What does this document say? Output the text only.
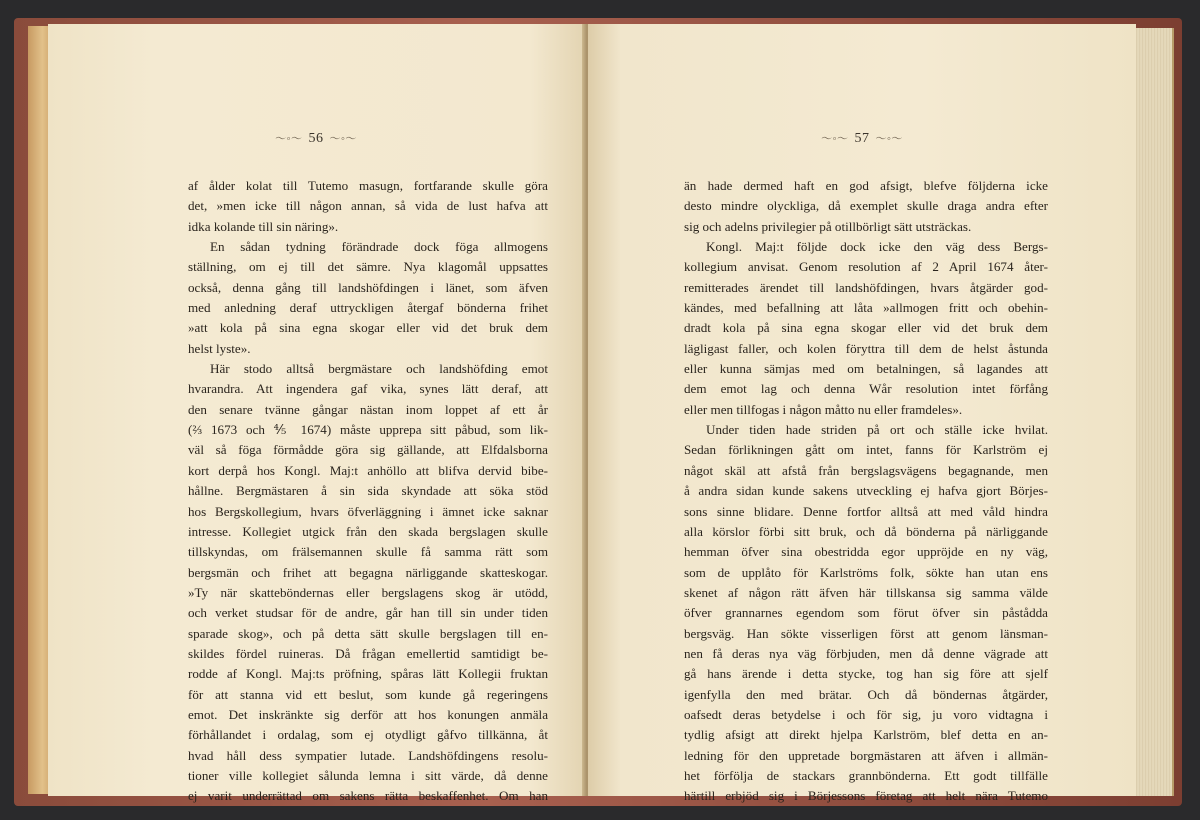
〜◦〜 56 〜◦〜
af ålder kolat till Tutemo masugn, fortfarande skulle göra
det, »men icke till någon annan, så vida de lust hafva att
idka kolande till sin näring».
En sådan tydning förändrade dock föga allmogens
ställning, om ej till det sämre. Nya klagomål uppsattes
också, denna gång till landshöfdingen i länet, som äfven
med anledning deraf uttryckligen återgaf bönderna frihet
»att kola på sina egna skogar eller vid det bruk dem
helst lyste».
Här stodo alltså bergmästare och landshöfding emot
hvarandra. Att ingendera gaf vika, synes lätt deraf, att
den senare tvänne gångar nästan inom loppet af ett år
(⅔ 1673 och ⅘ 1674) måste upprepa sitt påbud, som lik-
väl så föga förmådde göra sig gällande, att Elfdalsborna
kort derpå hos Kongl. Maj:t anhöllo att blifva dervid bibe-
hållne. Bergmästaren å sin sida skyndade att söka stöd
hos Bergskollegium, hvars öfverläggning i ämnet icke saknar
intresse. Kollegiet utgick från den skada bergslagen skulle
tillskyndas, om frälsemannen skulle få samma rätt som
bergsmän och frihet att begagna närliggande skatteskogar.
»Ty när skatteböndernas eller bergslagens skog är utödd,
och verket studsar för de andre, går han till sin under tiden
sparade skog», och på detta sätt skulle bergslagen till en-
skildes fördel ruineras. Då frågan emellertid samtidigt be-
rodde af Kongl. Maj:ts pröfning, spåras lätt Kollegii fruktan
för att stanna vid ett beslut, som kunde gå regeringens
emot. Det inskränkte sig derför att hos konungen anmäla
förhållandet i ordalag, som ej otydligt gåfvo tillkänna, åt
hvad håll dess sympatier lutade. Landshöfdingens resolu-
tioner ville kollegiet sålunda lemna i sitt värde, då denne
ej varit underrättad om sakens rätta beskaffenhet. Om han
〜◦〜 57 〜◦〜
än hade dermed haft en god afsigt, blefve följderna icke
desto mindre olyckliga, då exemplet skulle draga andra efter
sig och adelns privilegier på otillbörligt sätt utsträckas.
Kongl. Maj:t följde dock icke den väg dess Bergs-
kollegium anvisat. Genom resolution af 2 April 1674 åter-
remitterades ärendet till landshöfdingen, hvars åtgärder god-
kändes, med befallning att låta »allmogen fritt och obehin-
dradt kola på sina egna skogar eller vid det bruk dem
lägligast faller, och kolen föryttra till dem de helst åstunda
eller kunna sämjas med om betalningen, så lagandes att
dem emot lag och denna Wår resolution intet förfång
eller men tillfogas i någon måtto nu eller framdeles».
Under tiden hade striden på ort och ställe icke hvilat.
Sedan förlikningen gått om intet, fanns för Karlström ej
något skäl att afstå från bergslagsvägens begagnande, men
å andra sidan kunde sakens utveckling ej hafva gjort Börjes-
sons sinne blidare. Denne fortfor alltså att med våld hindra
alla körslor förbi sitt bruk, och då bönderna på närliggande
hemman öfver sina obestridda egor uppröjde en ny väg,
som de upplåto för Karlströms folk, sökte han utan ens
skenet af någon rätt äfven här tillskansa sig samma välde
öfver grannarnes egendom som förut öfver sin påstådda
bergsväg. Han sökte visserligen först att genom länsman-
nen få deras nya väg förbjuden, men då denne vägrade att
gå hans ärende i detta stycke, tog han sig före att sjelf
igenfylla den med brätar. Och då böndernas åtgärder,
oafsedt deras betydelse i och för sig, ju voro vidtagna i
tydlig afsigt att direkt hjelpa Karlström, blef detta en an-
ledning för den uppretade borgmästaren att äfven i allmän-
het förfölja de stackars grannbönderna. Ett godt tillfälle
härtill erbjöd sig i Börjessons företag att helt nära Tutemo
